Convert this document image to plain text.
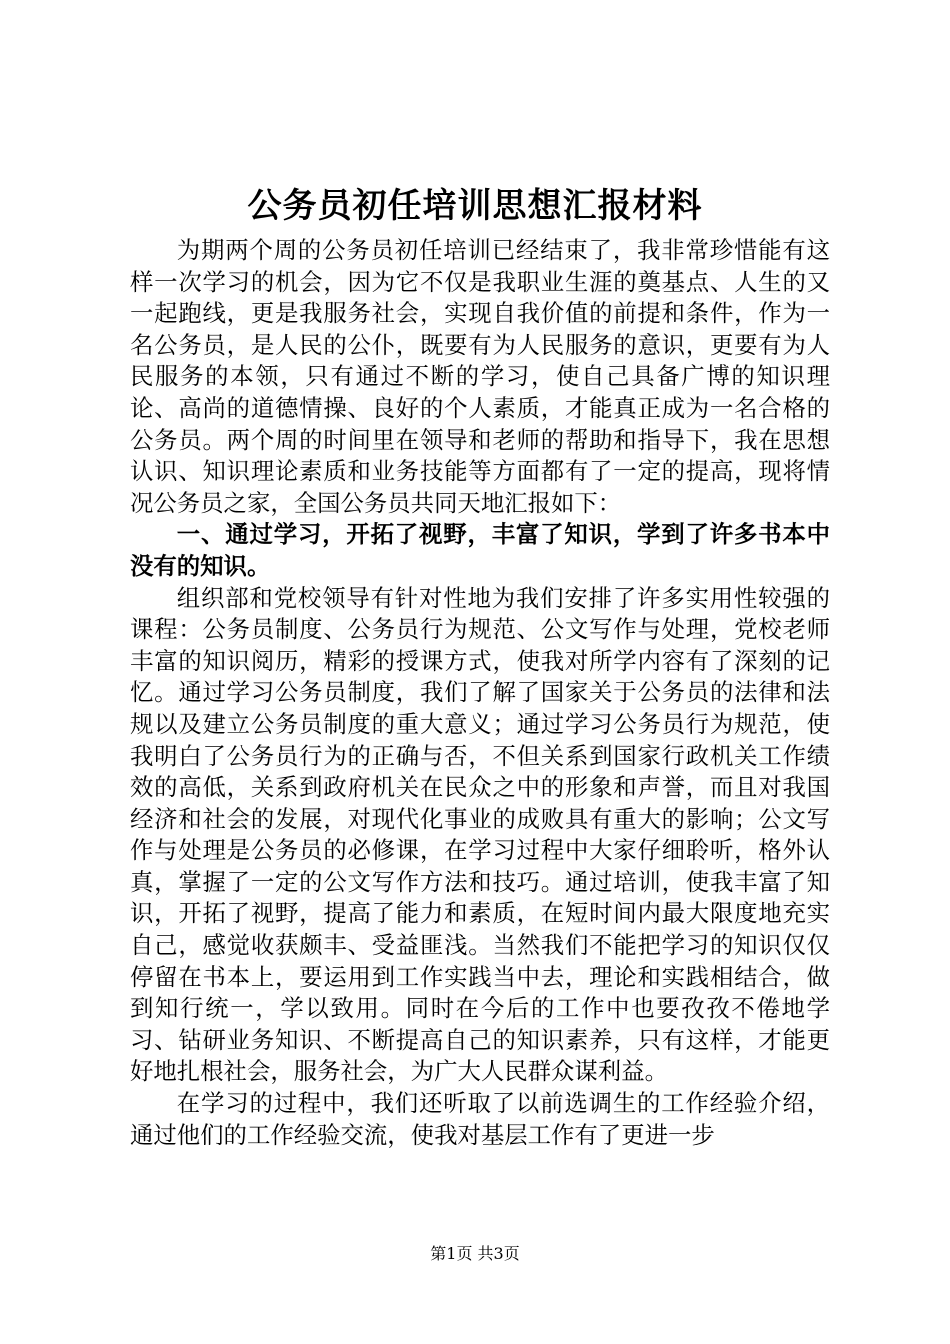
公务员初任培训思想汇报材料

为期两个周的公务员初任培训已经结束了，我非常珍惜能有这样一次学习的机会，因为它不仅是我职业生涯的奠基点、人生的又一起跑线，更是我服务社会，实现自我价值的前提和条件，作为一名公务员，是人民的公仆，既要有为人民服务的意识，更要有为人民服务的本领，只有通过不断的学习，使自己具备广博的知识理论、高尚的道德情操、良好的个人素质，才能真正成为一名合格的公务员。两个周的时间里在领导和老师的帮助和指导下，我在思想认识、知识理论素质和业务技能等方面都有了一定的提高，现将情况公务员之家，全国公务员共同天地汇报如下：

一、通过学习，开拓了视野，丰富了知识，学到了许多书本中没有的知识。

组织部和党校领导有针对性地为我们安排了许多实用性较强的课程：公务员制度、公务员行为规范、公文写作与处理，党校老师丰富的知识阅历，精彩的授课方式，使我对所学内容有了深刻的记忆。通过学习公务员制度，我们了解了国家关于公务员的法律和法规以及建立公务员制度的重大意义；通过学习公务员行为规范，使我明白了公务员行为的正确与否，不但关系到国家行政机关工作绩效的高低，关系到政府机关在民众之中的形象和声誉，而且对我国经济和社会的发展，对现代化事业的成败具有重大的影响；公文写作与处理是公务员的必修课，在学习过程中大家仔细聆听，格外认真，掌握了一定的公文写作方法和技巧。通过培训，使我丰富了知识，开拓了视野，提高了能力和素质，在短时间内最大限度地充实自己，感觉收获颇丰、受益匪浅。当然我们不能把学习的知识仅仅停留在书本上，要运用到工作实践当中去，理论和实践相结合，做到知行统一，学以致用。同时在今后的工作中也要孜孜不倦地学习、钻研业务知识、不断提高自己的知识素养，只有这样，才能更好地扎根社会，服务社会，为广大人民群众谋利益。

在学习的过程中，我们还听取了以前选调生的工作经验介绍，通过他们的工作经验交流，使我对基层工作有了更进一步

第1页 共3页
